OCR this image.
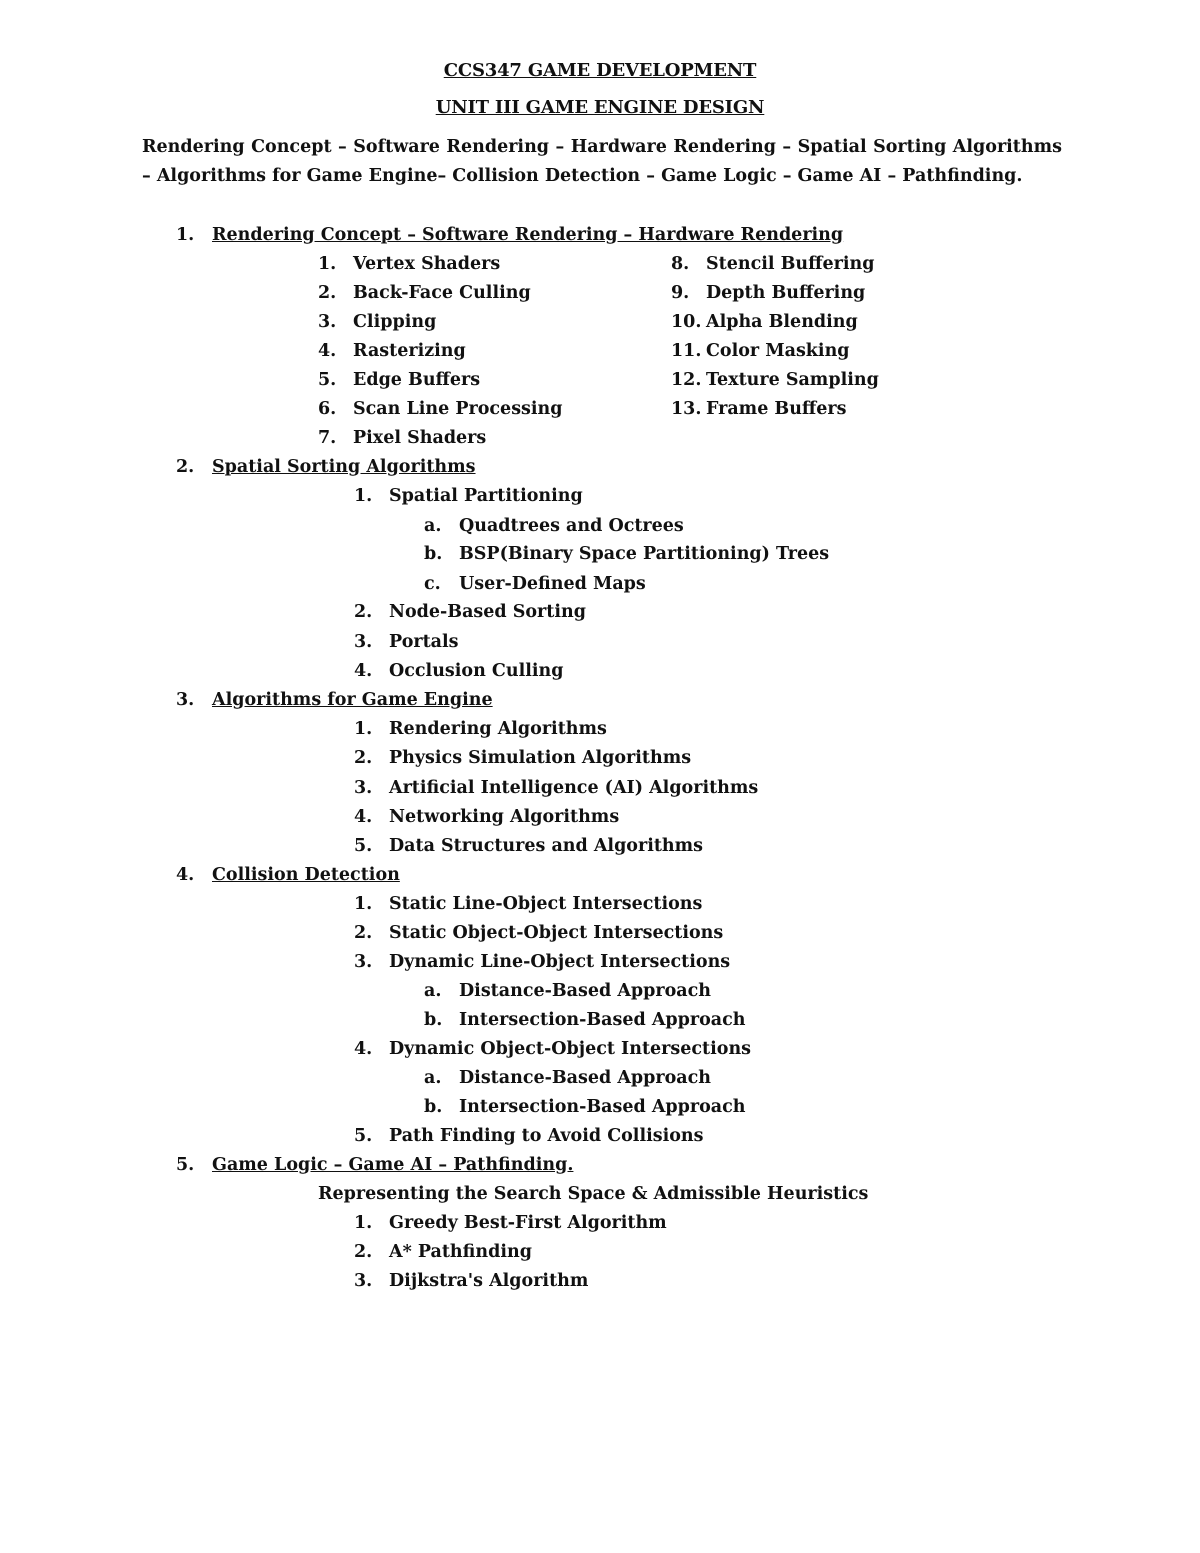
CCS347 GAME DEVELOPMENT
UNIT III GAME ENGINE DESIGN
Rendering Concept – Software Rendering – Hardware Rendering – Spatial Sorting Algorithms – Algorithms for Game Engine– Collision Detection – Game Logic – Game AI – Pathfinding.
1. Rendering Concept – Software Rendering – Hardware Rendering
1. Vertex Shaders
2. Back-Face Culling
3. Clipping
4. Rasterizing
5. Edge Buffers
6. Scan Line Processing
7. Pixel Shaders
8. Stencil Buffering
9. Depth Buffering
10. Alpha Blending
11. Color Masking
12. Texture Sampling
13. Frame Buffers
2. Spatial Sorting Algorithms
1. Spatial Partitioning
a. Quadtrees and Octrees
b. BSP(Binary Space Partitioning) Trees
c. User-Defined Maps
2. Node-Based Sorting
3. Portals
4. Occlusion Culling
3. Algorithms for Game Engine
1. Rendering Algorithms
2. Physics Simulation Algorithms
3. Artificial Intelligence (AI) Algorithms
4. Networking Algorithms
5. Data Structures and Algorithms
4. Collision Detection
1. Static Line-Object Intersections
2. Static Object-Object Intersections
3. Dynamic Line-Object Intersections
a. Distance-Based Approach
b. Intersection-Based Approach
4. Dynamic Object-Object Intersections
a. Distance-Based Approach
b. Intersection-Based Approach
5. Path Finding to Avoid Collisions
5. Game Logic – Game AI – Pathfinding.
Representing the Search Space & Admissible Heuristics
1. Greedy Best-First Algorithm
2. A* Pathfinding
3. Dijkstra's Algorithm
